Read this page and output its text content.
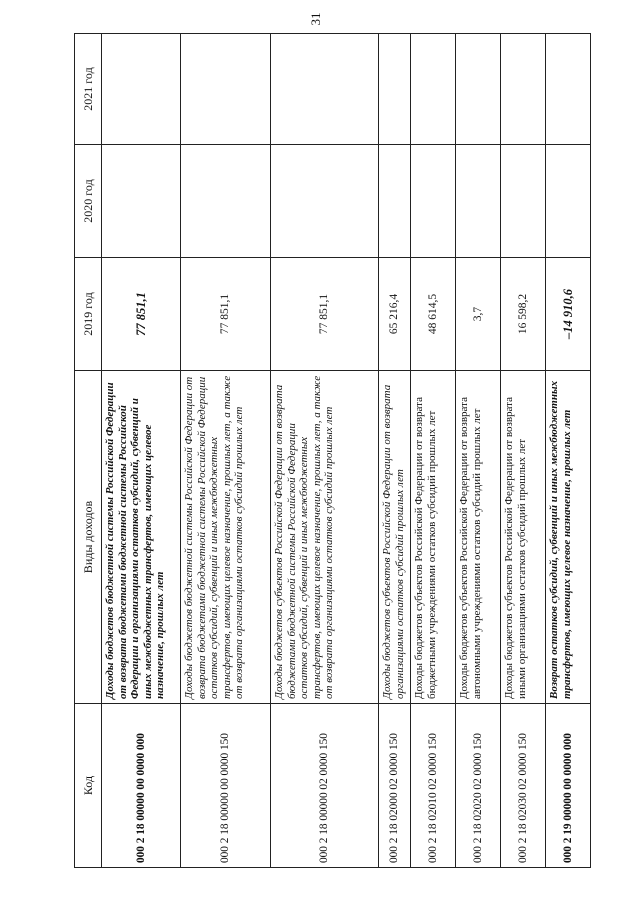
31
Код	Виды доходов	2019 год	2020 год	2021 год
000 2 18 00000 00 0000 000	Доходы бюджетов бюджетной системы Российской Федерации от возврата бюджетами бюджетной системы Российской Федерации и организациями остатков субсидий, субвенций и иных межбюджетных трансфертов, имеющих целевое назначение, прошлых лет	77 851,1		
000 2 18 00000 00 0000 150	Доходы бюджетов бюджетной системы Российской Федерации от возврата бюджетами бюджетной системы Российской Федерации остатков субсидий, субвенций и иных межбюджетных трансфертов, имеющих целевое назначение, прошлых лет, а также от возврата организациями остатков субсидий прошлых лет	77 851,1		
000 2 18 00000 02 0000 150	Доходы бюджетов субъектов Российской Федерации от возврата бюджетами бюджетной системы Российской Федерации остатков субсидий, субвенций и иных межбюджетных трансфертов, имеющих целевое назначение, прошлых лет, а также от возврата организациями остатков субсидий прошлых лет	77 851,1		
000 2 18 02000 02 0000 150	Доходы бюджетов субъектов Российской Федерации от возврата организациями остатков субсидий прошлых лет	65 216,4		
000 2 18 02010 02 0000 150	Доходы бюджетов субъектов Российской Федерации от возврата бюджетными учреждениями остатков субсидий прошлых лет	48 614,5		
000 2 18 02020 02 0000 150	Доходы бюджетов субъектов Российской Федерации от возврата автономными учреждениями остатков субсидий прошлых лет	3,7		
000 2 18 02030 02 0000 150	Доходы бюджетов субъектов Российской Федерации от возврата иными организациями остатков субсидий прошлых лет	16 598,2		
000 2 19 00000 00 0000 000	Возврат остатков субсидий, субвенций и иных межбюджетных трансфертов, имеющих целевое назначение, прошлых лет	–14 910,6		
